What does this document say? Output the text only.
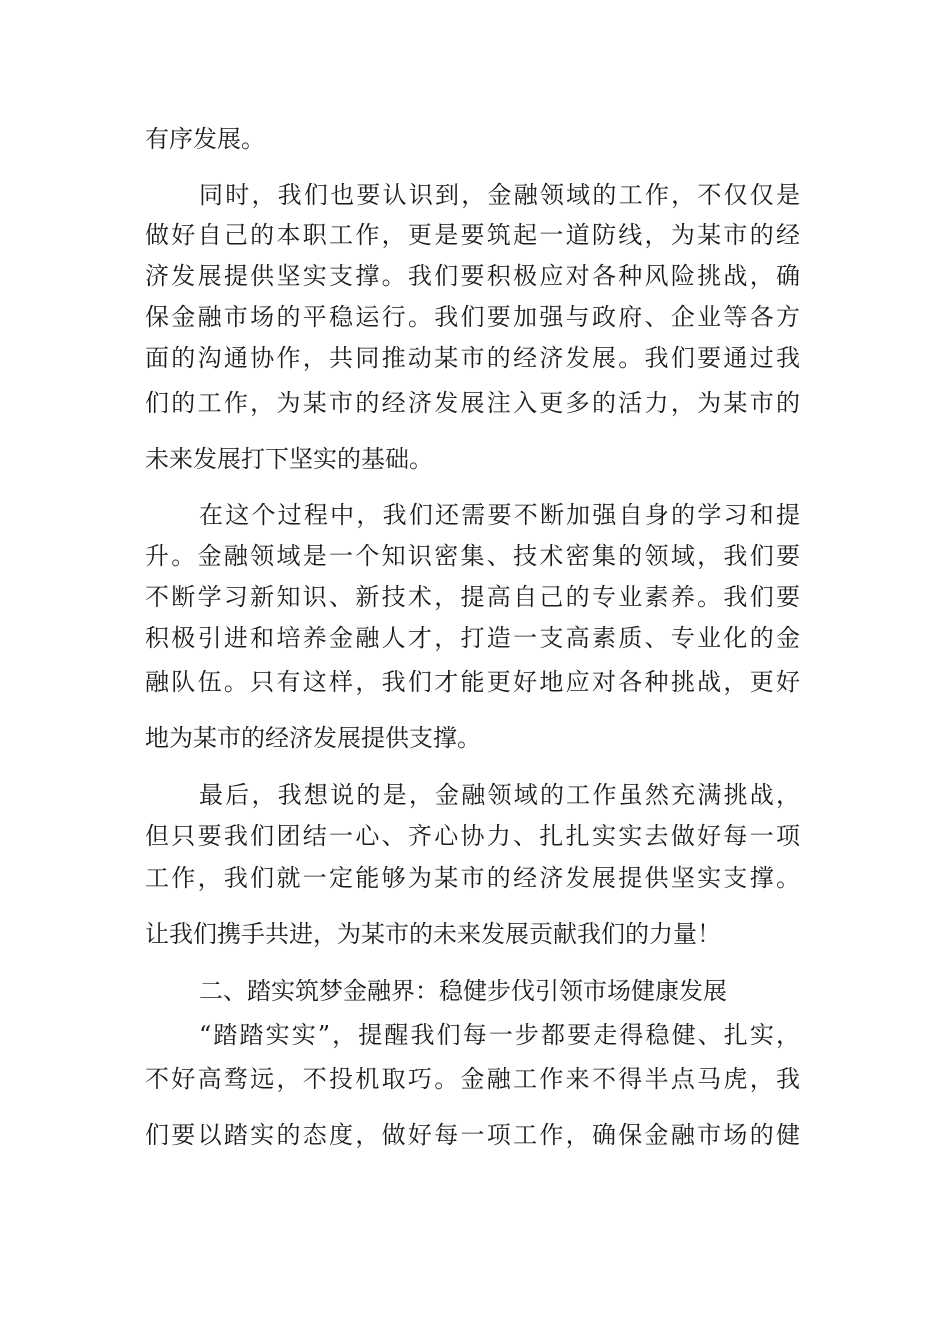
有序发展。
同时，我们也要认识到，金融领域的工作，不仅仅是
做好自己的本职工作，更是要筑起一道防线，为某市的经
济发展提供坚实支撑。我们要积极应对各种风险挑战，确
保金融市场的平稳运行。我们要加强与政府、企业等各方
面的沟通协作，共同推动某市的经济发展。我们要通过我
们的工作，为某市的经济发展注入更多的活力，为某市的
未来发展打下坚实的基础。
在这个过程中，我们还需要不断加强自身的学习和提
升。金融领域是一个知识密集、技术密集的领域，我们要
不断学习新知识、新技术，提高自己的专业素养。我们要
积极引进和培养金融人才，打造一支高素质、专业化的金
融队伍。只有这样，我们才能更好地应对各种挑战，更好
地为某市的经济发展提供支撑。
最后，我想说的是，金融领域的工作虽然充满挑战，
但只要我们团结一心、齐心协力、扎扎实实去做好每一项
工作，我们就一定能够为某市的经济发展提供坚实支撑。
让我们携手共进，为某市的未来发展贡献我们的力量！
二、踏实筑梦金融界：稳健步伐引领市场健康发展
“踏踏实实”，提醒我们每一步都要走得稳健、扎实，
不好高骛远，不投机取巧。金融工作来不得半点马虎，我
们要以踏实的态度，做好每一项工作，确保金融市场的健
